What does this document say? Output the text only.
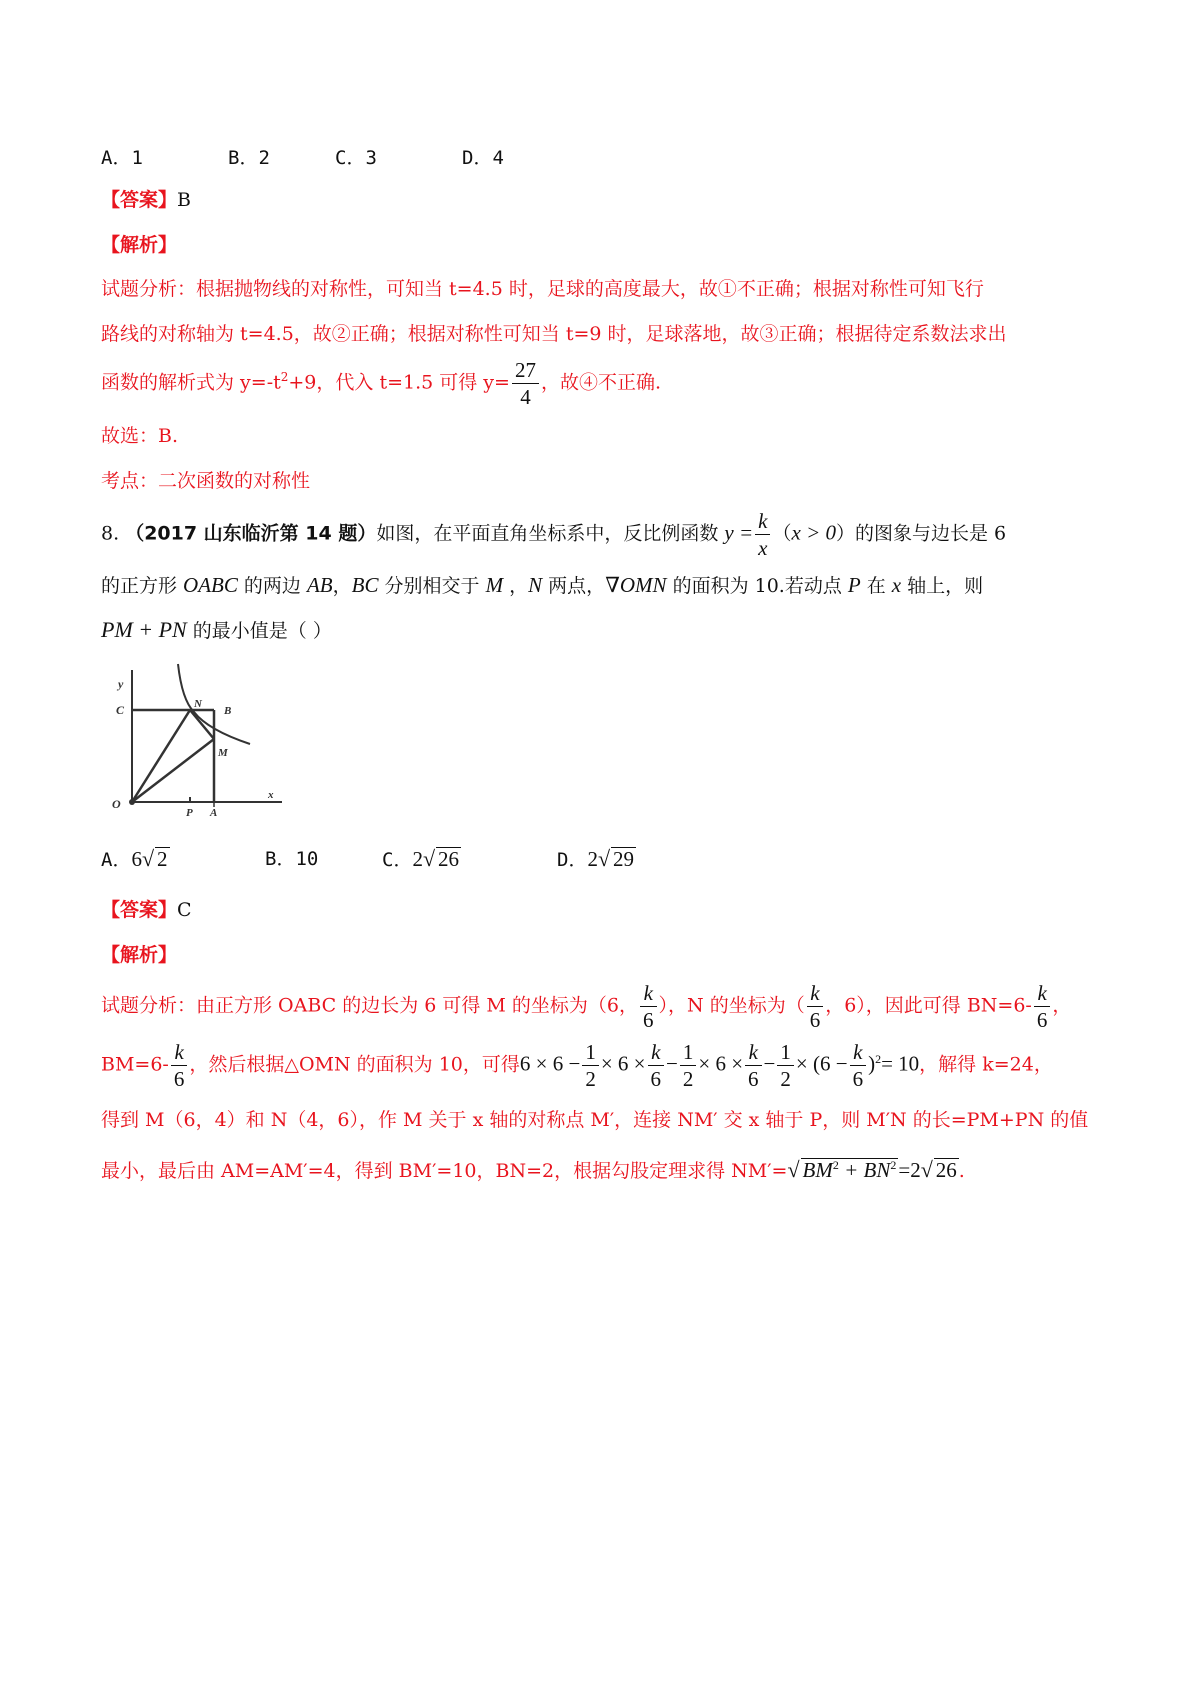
A．1	B．2	C．3	D．4
【答案】B
【解析】
试题分析：根据抛物线的对称性，可知当 t=4.5 时，足球的高度最大，故①不正确；根据对称性可知飞行
路线的对称轴为 t=4.5，故②正确；根据对称性可知当 t=9 时，足球落地，故③正确；根据待定系数法求出
函数的解析式为 $y=-t^2+9$，代入 t=1.5 可得 $y= \frac{27}{4}$ ，故④不正确.
故选：B.
考点：二次函数的对称性
8. （2017 山东临沂第 14 题）如图，在平面直角坐标系中，反比例函数 $y = \frac{k}{x} (x > 0)$的图象与边长是 6
的正方形 OABC 的两边 AB，BC 分别相交于 M ，N 两点，∇OMN 的面积为 10.若动点 P 在 x 轴上，则
PM + PN 的最小值是（ ）
y
C	N
B
M
O
P A
x
A．6√ 2	B．10	C．2√ 26	D．2√ 29
【答案】C
【解析】
试题分析：由正方形 OABC 的边长为 6 可得 M 的坐标为（6， $\frac{k}{6}$ ），N 的坐标为（ $\frac{k}{6}$ ，6），因此可得 $BN=6- \frac{k}{6}$ ，
$BM=6- \frac{k}{6}$ ，然后根据△OMN 的面积为 10，可得$6 \times 6 - \frac{1}{2} \times 6 \times \frac{k}{6} - \frac{1}{2} \times 6 \times \frac{k}{6} - \frac{1}{2} \times (6 - \frac{k}{6} )^2= 10$，解得 k=24，
得到 M（6，4）和 N（4，6），作 M 关于 x 轴的对称点 M′，连接 NM′ 交 x 轴于 P，则 M′N 的长=PM+PN 的值
最小，最后由 AM=AM′=4，得到 BM′=10，BN=2，根据勾股定理求得 NM′=√ $BM^2 + BN^2=2√$ 26 .
